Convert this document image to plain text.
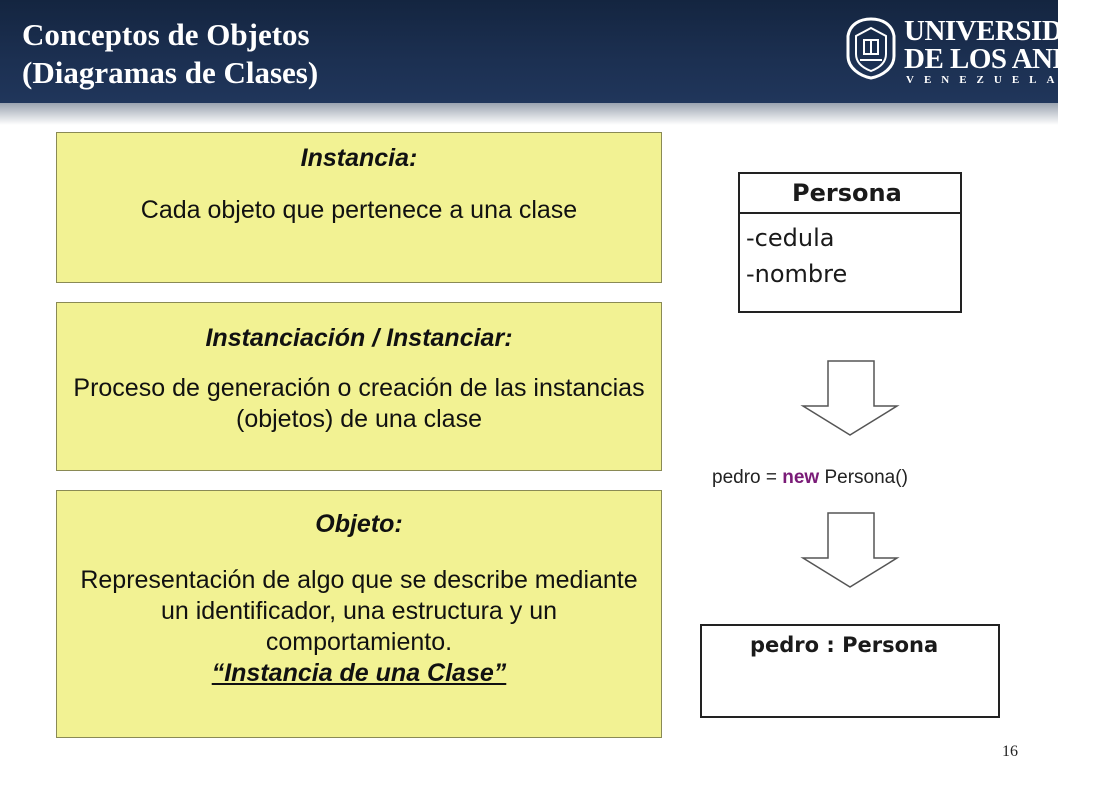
Conceptos de Objetos
(Diagramas de Clases)
UNIVERSIDAD
DE LOS ANDES
VENEZUELA
Instancia:
Cada objeto que pertenece a una clase
Instanciación / Instanciar:
Proceso de generación o creación de las instancias (objetos) de una clase
Objeto:
Representación de algo que se describe mediante un identificador, una estructura y un comportamiento.
“Instancia de una Clase”
Persona
-cedula
-nombre
pedro = new Persona()
pedro : Persona
16
